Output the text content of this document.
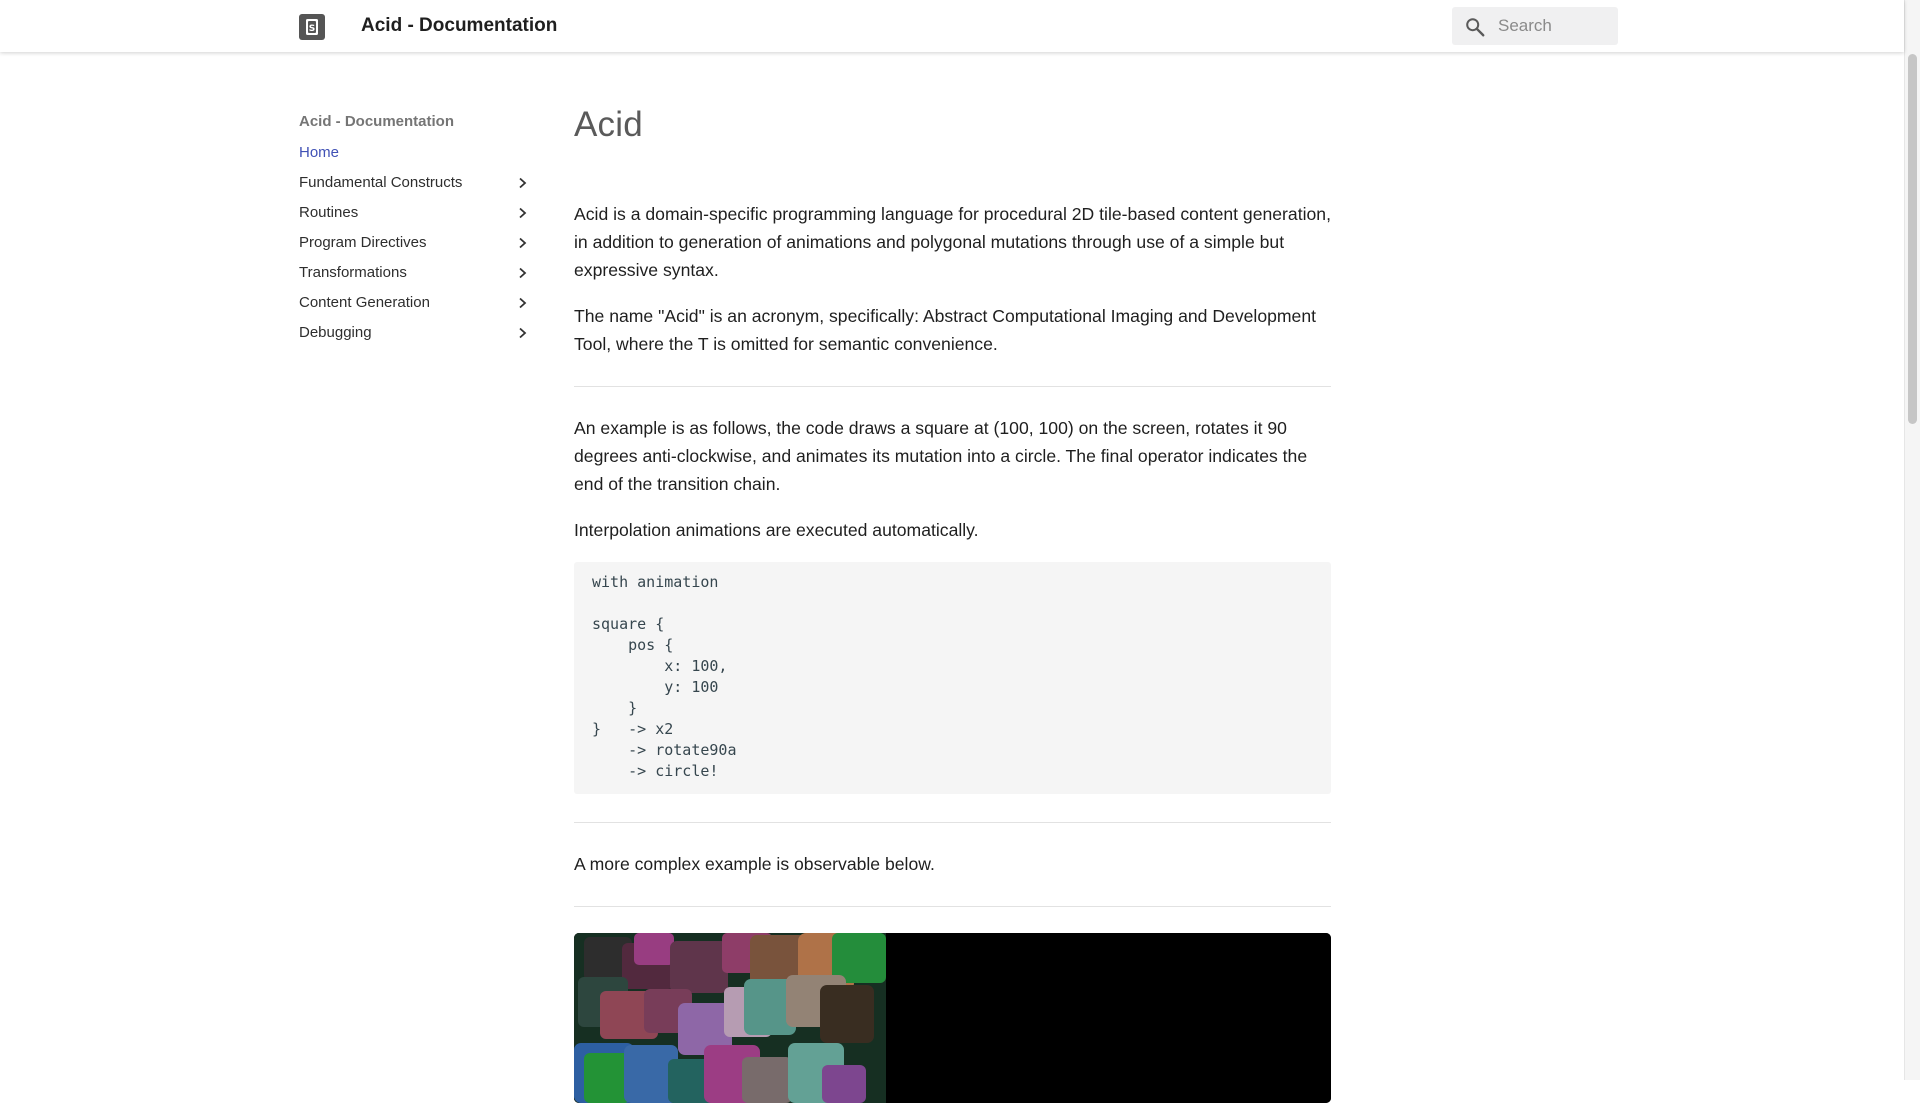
S Acid - Documentation
Search
Acid - Documentation
Home
Fundamental Constructs
Routines
Program Directives
Transformations
Content Generation
Debugging
Acid

Acid is a domain-specific programming language for procedural 2D tile-based content generation, in addition to generation of animations and polygonal mutations through use of a simple but expressive syntax.

The name "Acid" is an acronym, specifically: Abstract Computational Imaging and Development Tool, where the T is omitted for semantic convenience.

An example is as follows, the code draws a square at (100, 100) on the screen, rotates it 90 degrees anti-clockwise, and animates its mutation into a circle. The final operator indicates the end of the transition chain.

Interpolation animations are executed automatically.

with animation

square {
pos {
x: 100,
y: 100
}
}   -> x2
-> rotate90a
-> circle!

A more complex example is observable below.
